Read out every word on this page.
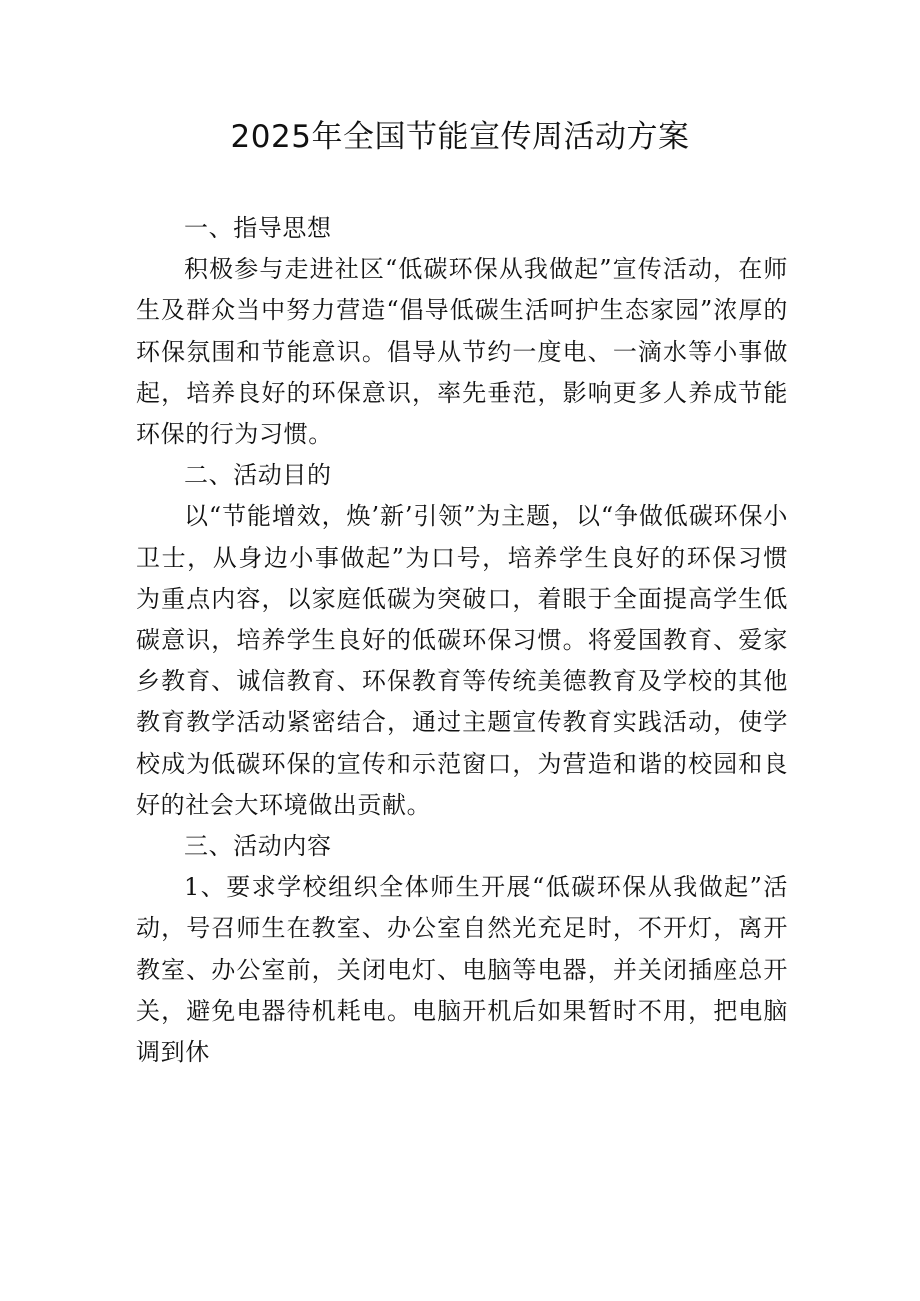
2025年全国节能宣传周活动方案

一、指导思想

积极参与走进社区“低碳环保从我做起”宣传活动，在师生及群众当中努力营造“倡导低碳生活呵护生态家园”浓厚的环保氛围和节能意识。倡导从节约一度电、一滴水等小事做起，培养良好的环保意识，率先垂范，影响更多人养成节能环保的行为习惯。

二、活动目的

以“节能增效，焕’新’引领”为主题，以“争做低碳环保小卫士，从身边小事做起”为口号，培养学生良好的环保习惯为重点内容，以家庭低碳为突破口，着眼于全面提高学生低碳意识，培养学生良好的低碳环保习惯。将爱国教育、爱家乡教育、诚信教育、环保教育等传统美德教育及学校的其他教育教学活动紧密结合，通过主题宣传教育实践活动，使学校成为低碳环保的宣传和示范窗口，为营造和谐的校园和良好的社会大环境做出贡献。

三、活动内容

1、要求学校组织全体师生开展“低碳环保从我做起”活动，号召师生在教室、办公室自然光充足时，不开灯，离开教室、办公室前，关闭电灯、电脑等电器，并关闭插座总开关，避免电器待机耗电。电脑开机后如果暂时不用，把电脑调到休
